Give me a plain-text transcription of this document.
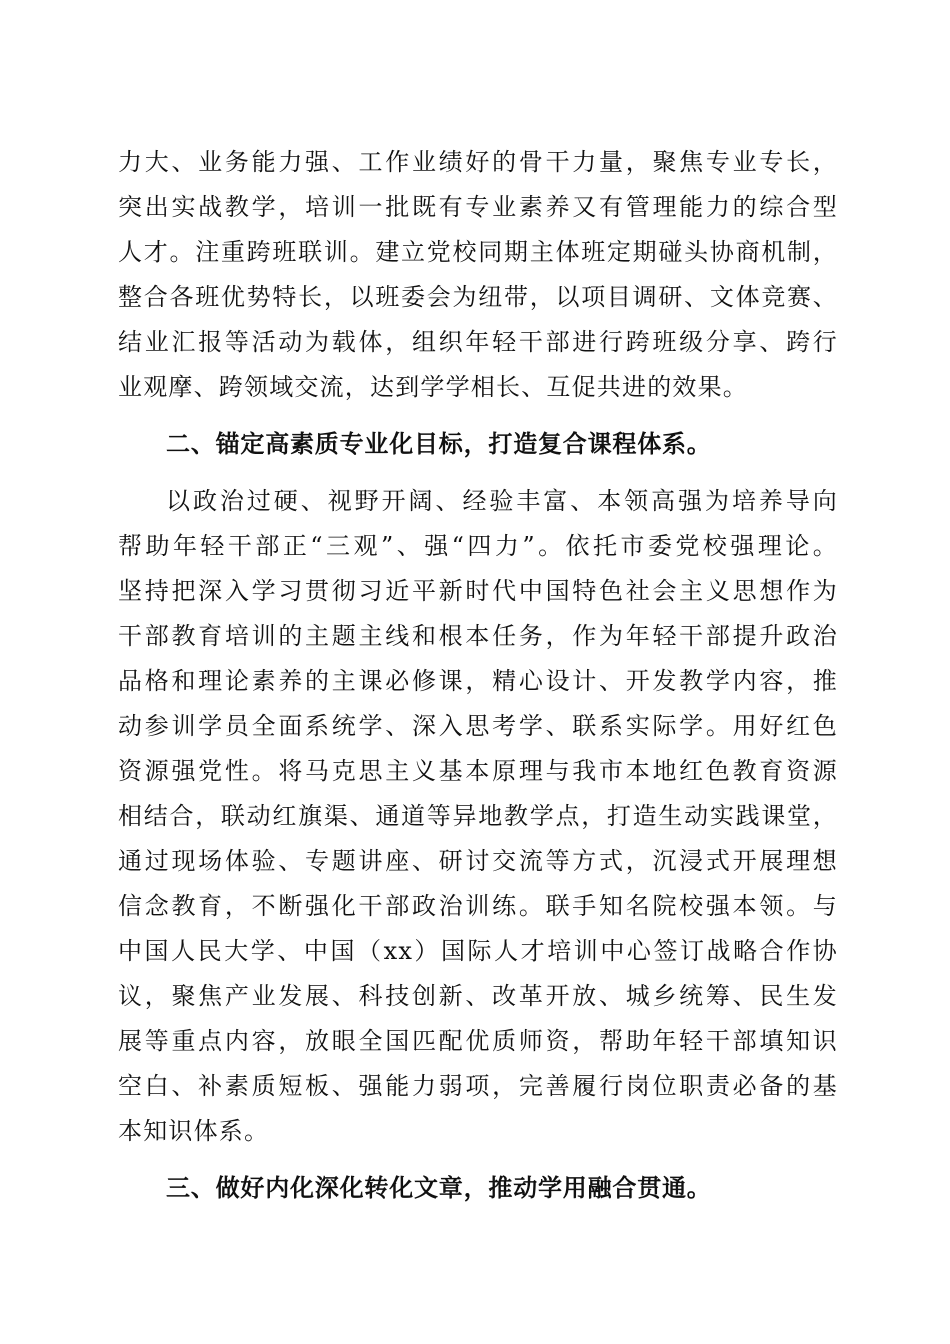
力大、业务能力强、工作业绩好的骨干力量，聚焦专业专长，
突出实战教学，培训一批既有专业素养又有管理能力的综合型
人才。注重跨班联训。建立党校同期主体班定期碰头协商机制，
整合各班优势特长，以班委会为纽带，以项目调研、文体竞赛、
结业汇报等活动为载体，组织年轻干部进行跨班级分享、跨行
业观摩、跨领域交流，达到学学相长、互促共进的效果。
二、锚定高素质专业化目标，打造复合课程体系。
以政治过硬、视野开阔、经验丰富、本领高强为培养导向
帮助年轻干部正“三观”、强“四力”。依托市委党校强理论。
坚持把深入学习贯彻习近平新时代中国特色社会主义思想作为
干部教育培训的主题主线和根本任务，作为年轻干部提升政治
品格和理论素养的主课必修课，精心设计、开发教学内容，推
动参训学员全面系统学、深入思考学、联系实际学。用好红色
资源强党性。将马克思主义基本原理与我市本地红色教育资源
相结合，联动红旗渠、通道等异地教学点，打造生动实践课堂，
通过现场体验、专题讲座、研讨交流等方式，沉浸式开展理想
信念教育，不断强化干部政治训练。联手知名院校强本领。与
中国人民大学、中国（xx）国际人才培训中心签订战略合作协
议，聚焦产业发展、科技创新、改革开放、城乡统筹、民生发
展等重点内容，放眼全国匹配优质师资，帮助年轻干部填知识
空白、补素质短板、强能力弱项，完善履行岗位职责必备的基
本知识体系。
三、做好内化深化转化文章，推动学用融合贯通。
